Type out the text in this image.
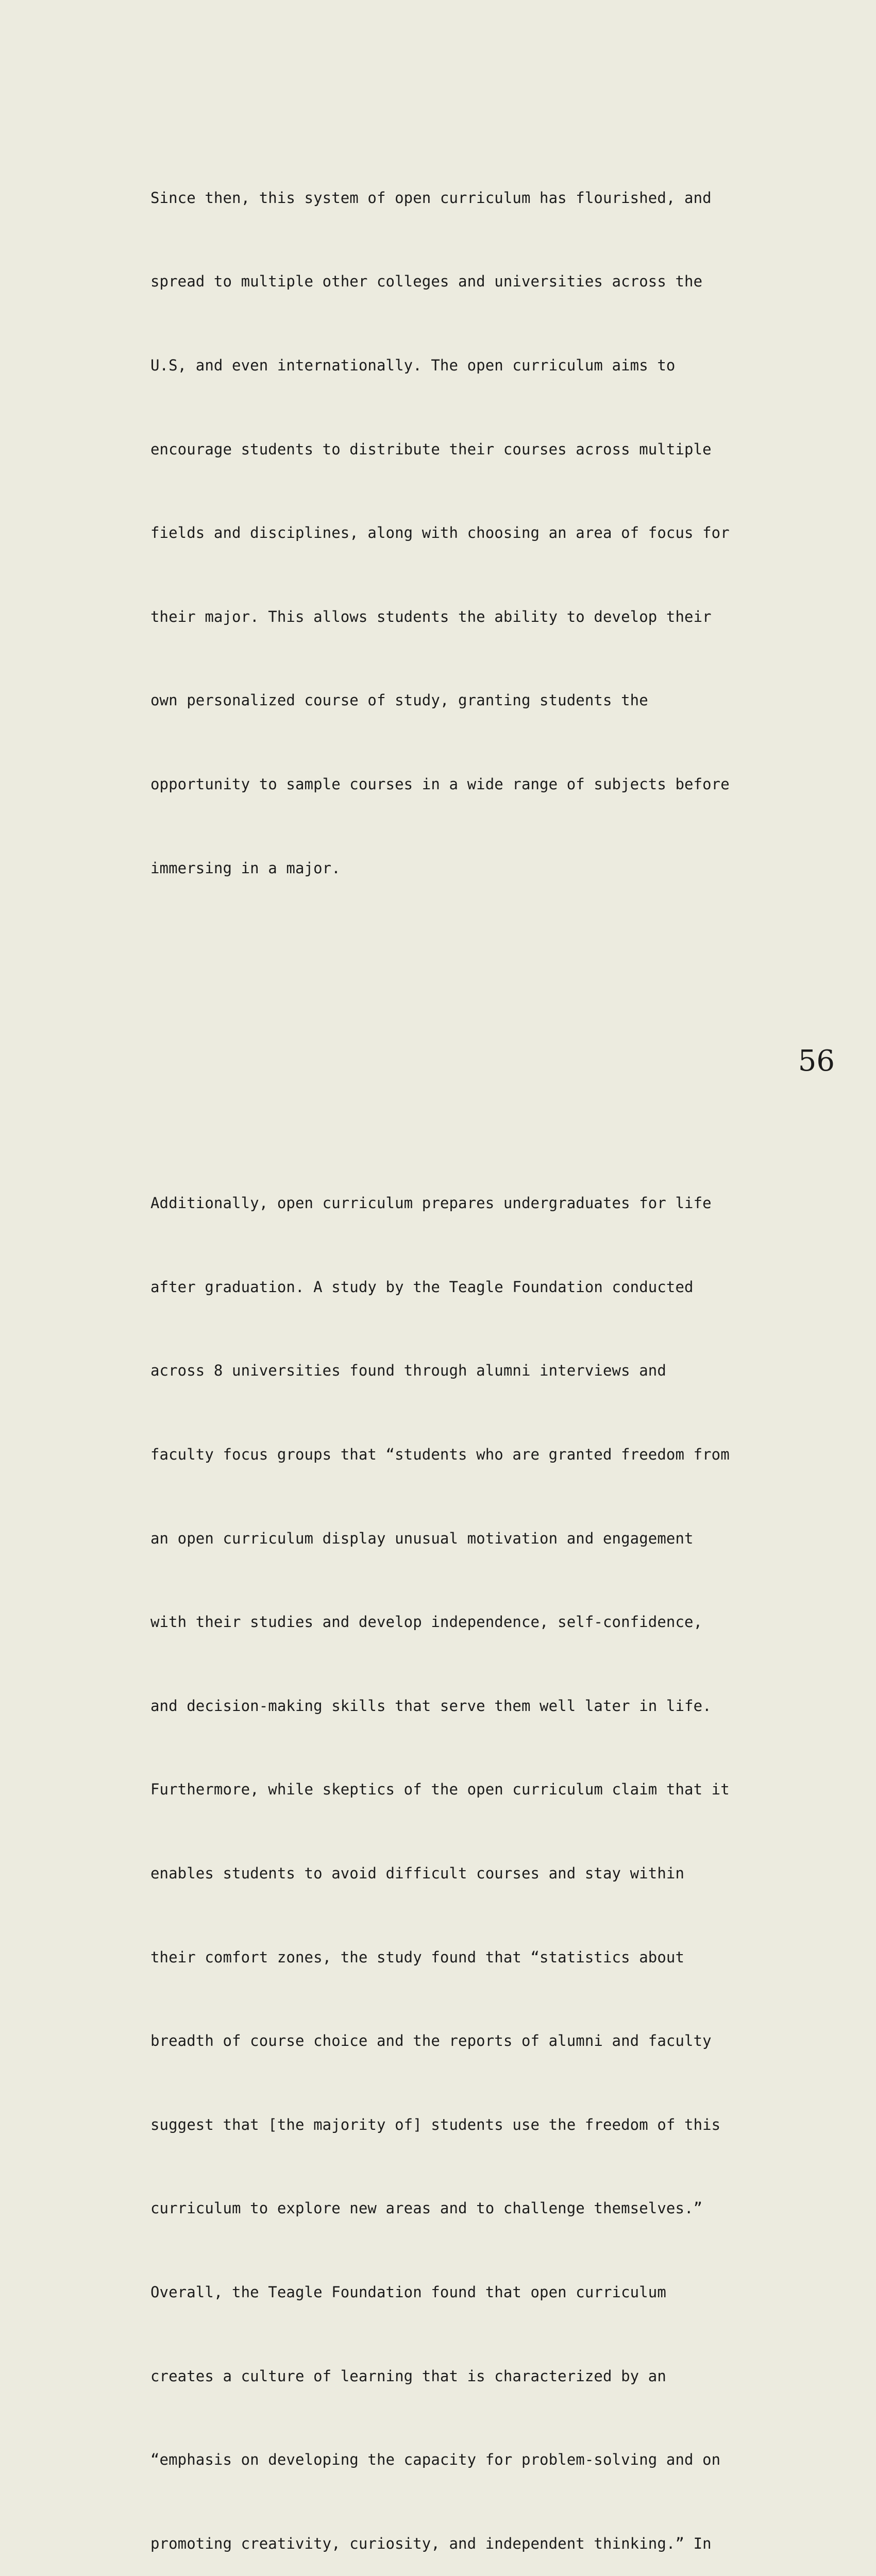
Since then, this system of open curriculum has flourished, and

spread to multiple other colleges and universities across the

U.S, and even internationally. The open curriculum aims to

encourage students to distribute their courses across multiple

fields and disciplines, along with choosing an area of focus for

their major. This allows students the ability to develop their

own personalized course of study, granting students the

opportunity to sample courses in a wide range of subjects before

immersing in a major.

Additionally, open curriculum prepares undergraduates for life

after graduation. A study by the Teagle Foundation conducted

across 8 universities found through alumni interviews and

faculty focus groups that “students who are granted freedom from

an open curriculum display unusual motivation and engagement

with their studies and develop independence, self-confidence,

and decision-making skills that serve them well later in life.

Furthermore, while skeptics of the open curriculum claim that it

enables students to avoid difficult courses and stay within

their comfort zones, the study found that “statistics about

breadth of course choice and the reports of alumni and faculty

suggest that [the majority of] students use the freedom of this

curriculum to explore new areas and to challenge themselves.”

Overall, the Teagle Foundation found that open curriculum

creates a culture of learning that is characterized by an

“emphasis on developing the capacity for problem-solving and on

promoting creativity, curiosity, and independent thinking.” In

56
